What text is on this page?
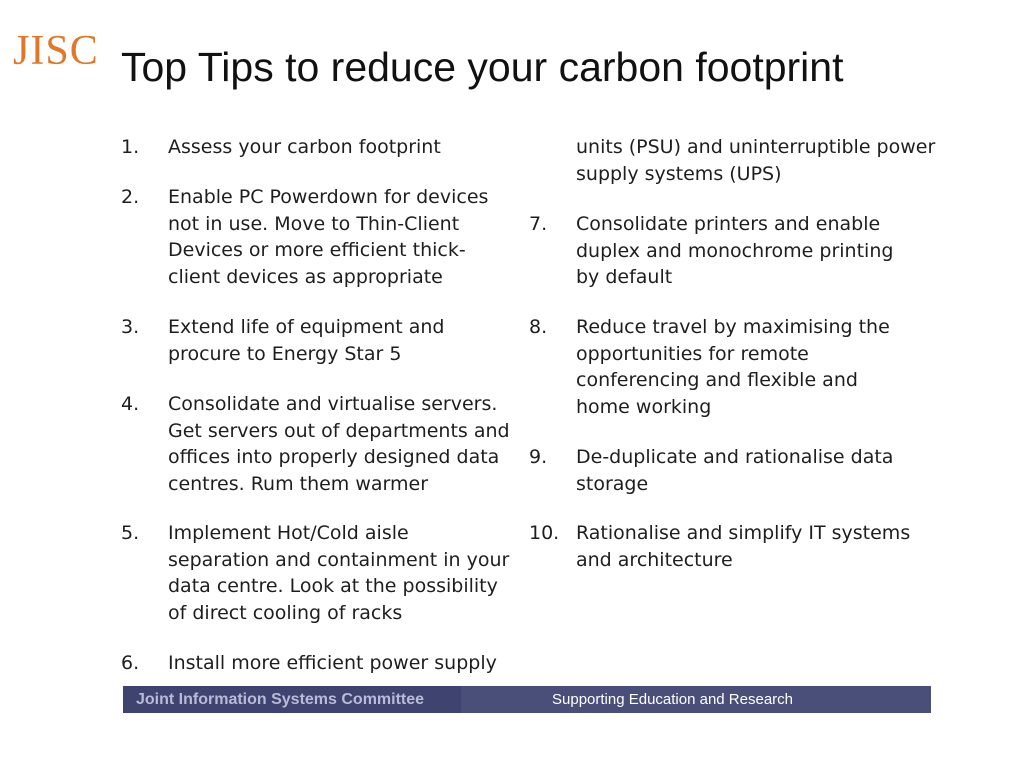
JISC Top Tips to reduce your carbon footprint
1. Assess your carbon footprint
2. Enable PC Powerdown for devices not in use. Move to Thin-Client Devices or more efficient thick-client devices as appropriate
3. Extend life of equipment and procure to Energy Star 5
4. Consolidate and virtualise servers. Get servers out of departments and offices into properly designed data centres. Rum them warmer
5. Implement Hot/Cold aisle separation and containment in your data centre. Look at the possibility of direct cooling of racks
6. Install more efficient power supply
units (PSU) and uninterruptible power supply systems (UPS)
7. Consolidate printers and enable duplex and monochrome printing by default
8. Reduce travel by maximising the opportunities for remote conferencing and flexible and home working
9. De-duplicate and rationalise data storage
10. Rationalise and simplify IT systems and architecture
Joint Information Systems Committee	Supporting Education and Research
